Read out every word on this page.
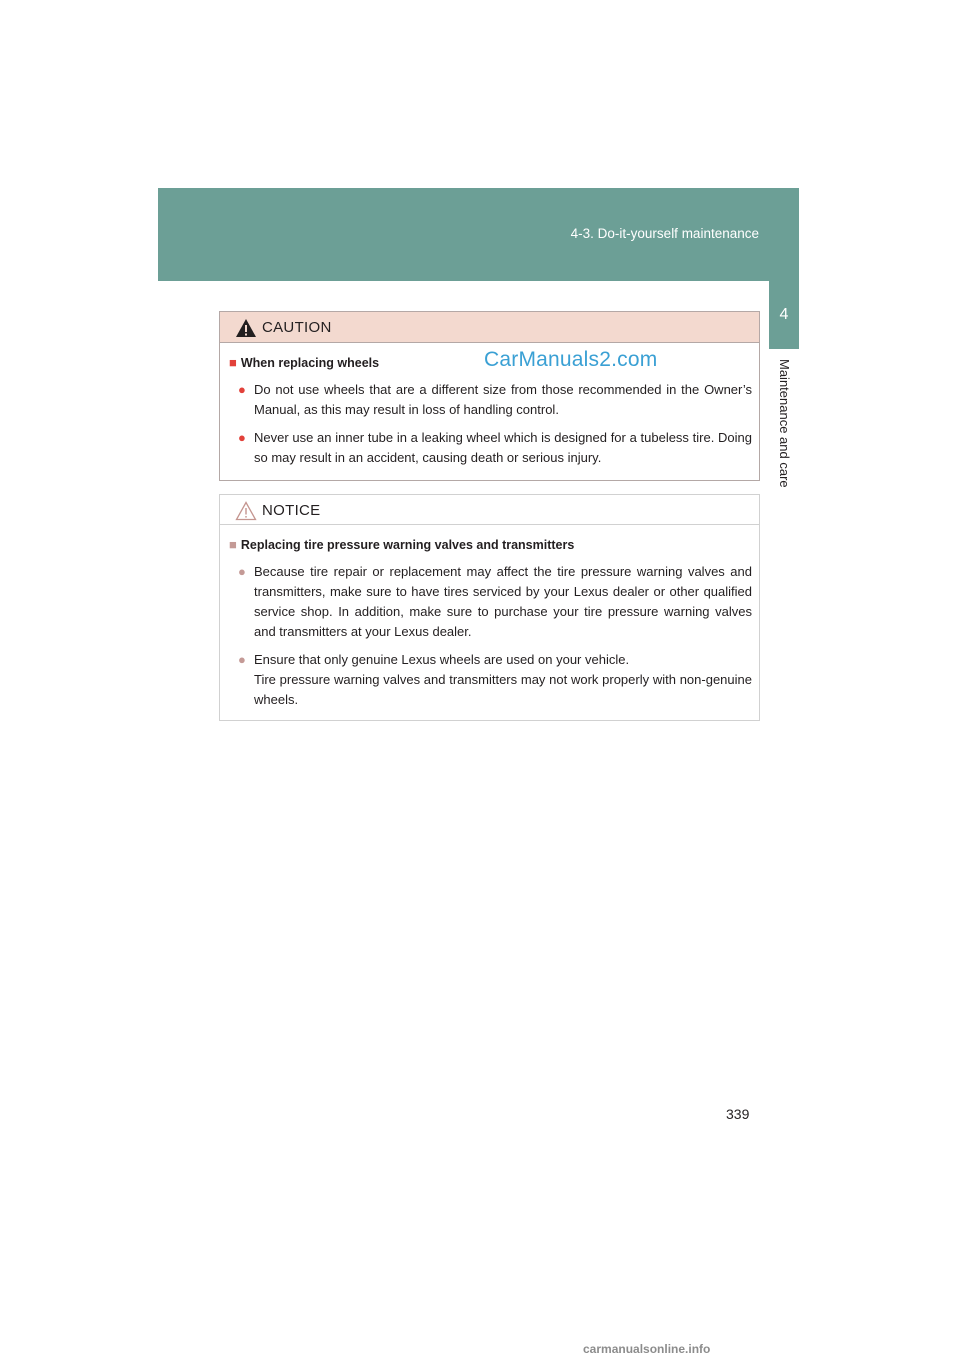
4-3. Do-it-yourself maintenance
4
Maintenance and care
CarManuals2.com
CAUTION
■ When replacing wheels
● Do not use wheels that are a different size from those recommended in the Owner’s Manual, as this may result in loss of handling control.
● Never use an inner tube in a leaking wheel which is designed for a tubeless tire. Doing so may result in an accident, causing death or serious injury.
NOTICE
■ Replacing tire pressure warning valves and transmitters
● Because tire repair or replacement may affect the tire pressure warning valves and transmitters, make sure to have tires serviced by your Lexus dealer or other qualified service shop. In addition, make sure to purchase your tire pressure warning valves and transmitters at your Lexus dealer.
● Ensure that only genuine Lexus wheels are used on your vehicle.
Tire pressure warning valves and transmitters may not work properly with non-genuine wheels.
339
carmanualsonline.info
